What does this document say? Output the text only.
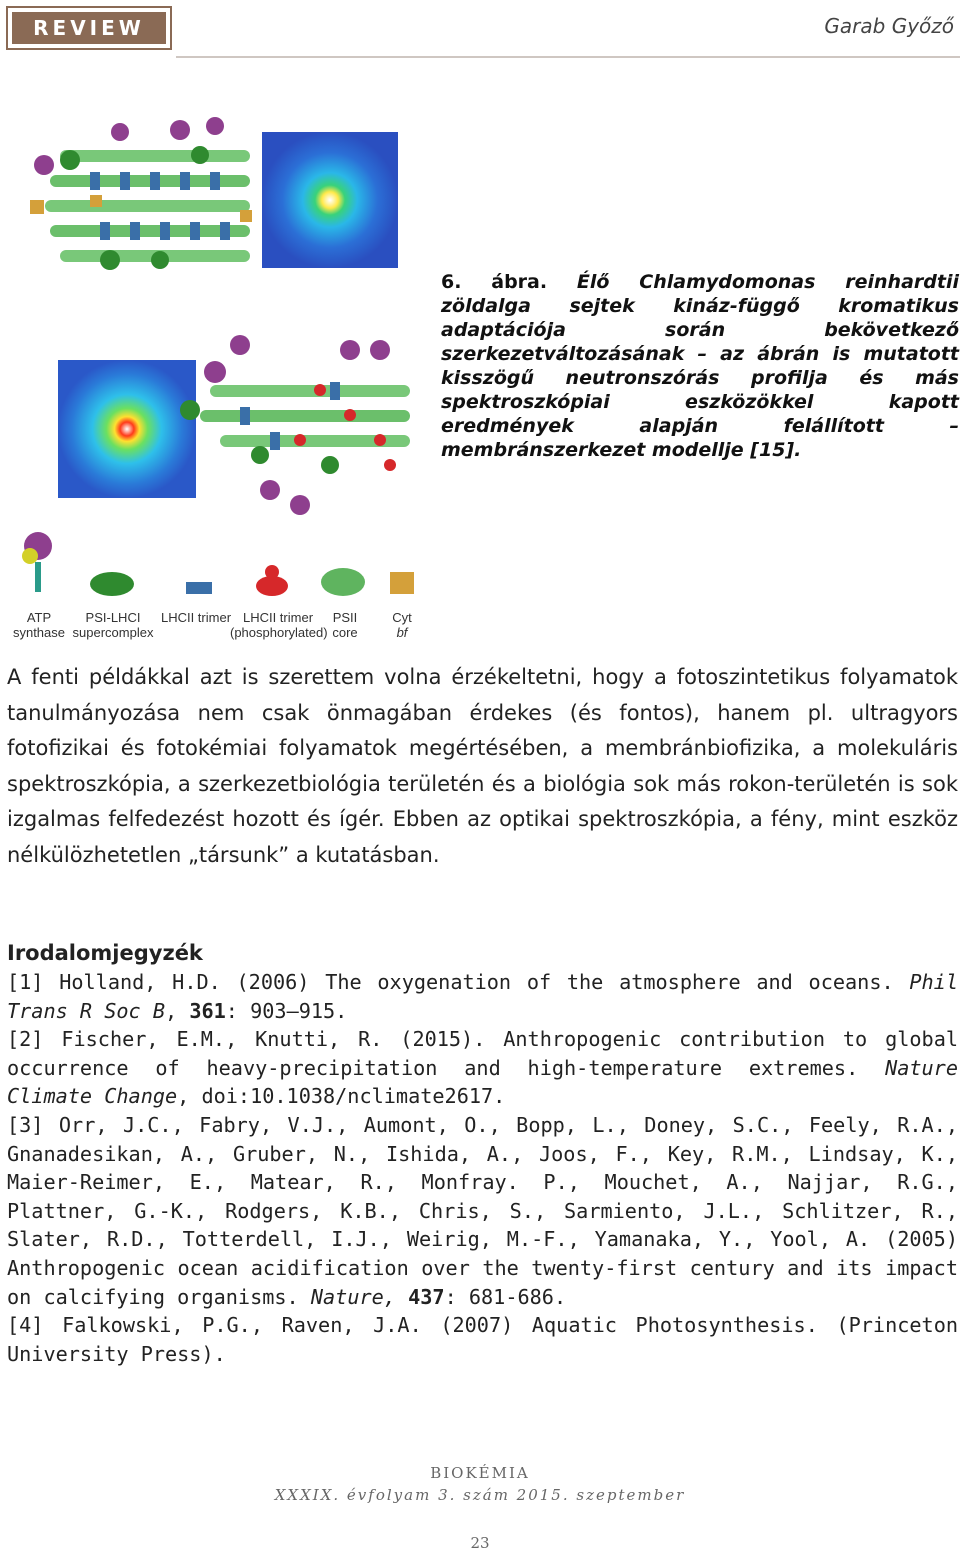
REVIEW	Garab Győző
ATP
synthase
PSI-LHCI
supercomplex
LHCII trimer LHCII trimer
(phosphorylated)
PSII
core
Cyt
bf
6. ábra. Élő Chlamydomonas reinhardtii zöldalga sejtek kináz-függő kromatikus adaptációja során bekövetkező szerkezetváltozásának – az ábrán is mutatott kisszögű neutronszórás profilja és más spektroszkópiai eszközökkel kapott eredmények alapján felállított – membránszerkezet modellje [15].
A fenti példákkal azt is szerettem volna érzékeltetni, hogy a fotoszintetikus folyamatok tanulmányozása nem csak önmagában érdekes (és fontos), hanem pl. ultragyors fotofizikai és fotokémiai folyamatok megértésében, a membránbiofizika, a molekuláris spektroszkópia, a szerkezetbiológia területén és a biológia sok más rokon-területén is sok izgalmas felfedezést hozott és ígér. Ebben az optikai spektroszkópia, a fény, mint eszköz nélkülözhetetlen „társunk” a kutatásban.
Irodalomjegyzék

[1] Holland, H.D. (2006) The oxygenation of the atmosphere and oceans. Phil Trans R Soc B, 361: 903–915.

[2] Fischer, E.M., Knutti, R. (2015). Anthropogenic contribution to global occurrence of heavy-precipitation and high-temperature extremes. Nature Climate Change, doi:10.1038/nclimate2617.

[3] Orr, J.C., Fabry, V.J., Aumont, O., Bopp, L., Doney, S.C., Feely, R.A., Gnanadesikan, A., Gruber, N., Ishida, A., Joos, F., Key, R.M., Lindsay, K., Maier-Reimer, E., Matear, R., Monfray. P., Mouchet, A., Najjar, R.G., Plattner, G.-K., Rodgers, K.B., Chris, S., Sarmiento, J.L., Schlitzer, R., Slater, R.D., Totterdell, I.J., Weirig, M.-F., Yamanaka, Y., Yool, A. (2005) Anthropogenic ocean acidification over the twenty-first century and its impact on calcifying organisms. Nature, 437: 681-686.

[4] Falkowski, P.G., Raven, J.A. (2007) Aquatic Photosynthesis. (Princeton University Press).

BIOKÉMIA
XXXIX. évfolyam 3. szám 2015. szeptember
23
